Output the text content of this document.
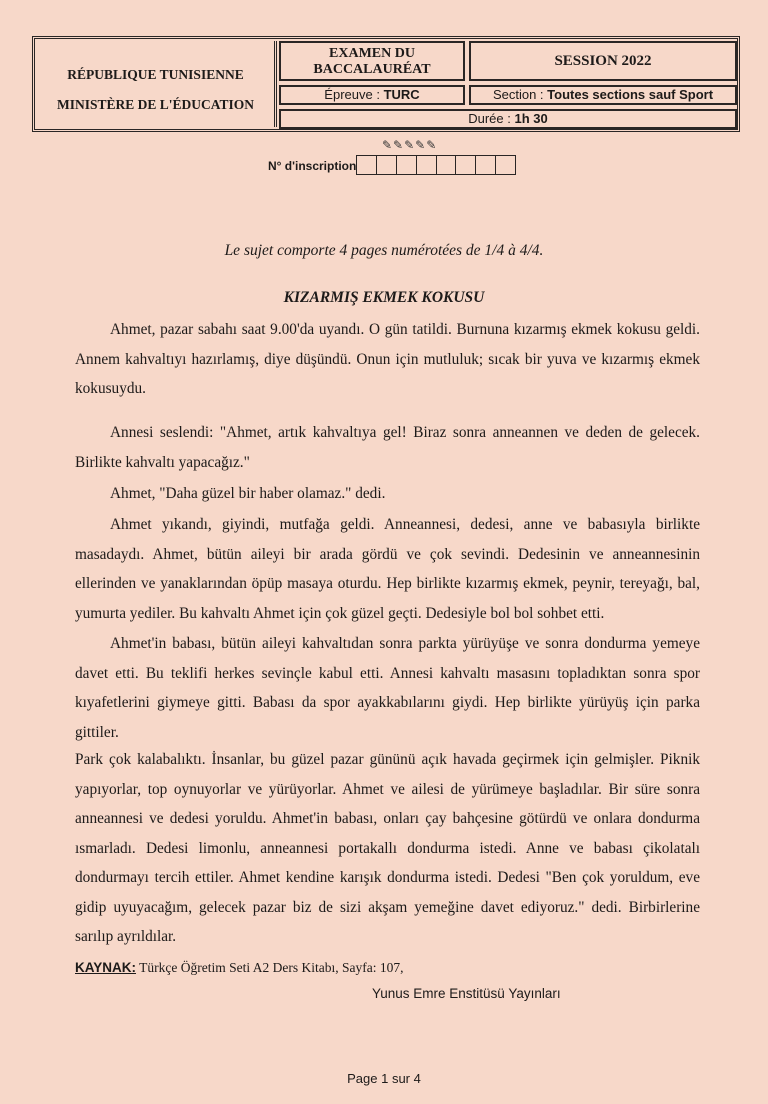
RÉPUBLIQUE TUNISIENNE
MINISTÈRE DE L'ÉDUCATION
EXAMEN DU
BACCALAURÉAT
SESSION 2022
Épreuve : TURC	Section : Toutes sections sauf Sport
Durée : 1h 30
✎✎✎✎✎
N° d'inscription
Le sujet comporte 4 pages numérotées de 1/4 à 4/4.
KIZARMIŞ EKMEK KOKUSU

Ahmet, pazar sabahı saat 9.00'da uyandı. O gün tatildi. Burnuna kızarmış ekmek kokusu geldi. Annem kahvaltıyı hazırlamış, diye düşündü. Onun için mutluluk; sıcak bir yuva ve kızarmış ekmek kokusuydu.

Annesi seslendi: "Ahmet, artık kahvaltıya gel! Biraz sonra anneannen ve deden de gelecek. Birlikte kahvaltı yapacağız."

Ahmet, "Daha güzel bir haber olamaz." dedi.

Ahmet yıkandı, giyindi, mutfağa geldi. Anneannesi, dedesi, anne ve babasıyla birlikte masadaydı. Ahmet, bütün aileyi bir arada gördü ve çok sevindi. Dedesinin ve anneannesinin ellerinden ve yanaklarından öpüp masaya oturdu. Hep birlikte kızarmış ekmek, peynir, tereyağı, bal, yumurta yediler. Bu kahvaltı Ahmet için çok güzel geçti. Dedesiyle bol bol sohbet etti.

Ahmet'in babası, bütün aileyi kahvaltıdan sonra parkta yürüyüşe ve sonra dondurma yemeye davet etti. Bu teklifi herkes sevinçle kabul etti. Annesi kahvaltı masasını topladıktan sonra spor kıyafetlerini giymeye gitti. Babası da spor ayakkabılarını giydi. Hep birlikte yürüyüş için parka gittiler.

Park çok kalabalıktı. İnsanlar, bu güzel pazar gününü açık havada geçirmek için gelmişler. Piknik yapıyorlar, top oynuyorlar ve yürüyorlar. Ahmet ve ailesi de yürümeye başladılar. Bir süre sonra anneannesi ve dedesi yoruldu. Ahmet'in babası, onları çay bahçesine götürdü ve onlara dondurma ısmarladı. Dedesi limonlu, anneannesi portakallı dondurma istedi. Anne ve babası çikolatalı dondurmayı tercih ettiler. Ahmet kendine karışık dondurma istedi. Dedesi "Ben çok yoruldum, eve gidip uyuyacağım, gelecek pazar biz de sizi akşam yemeğine davet ediyoruz." dedi. Birbirlerine sarılıp ayrıldılar.

KAYNAK: Türkçe Öğretim Seti A2 Ders Kitabı, Sayfa: 107,
Yunus Emre Enstitüsü Yayınları
Page 1 sur 4
